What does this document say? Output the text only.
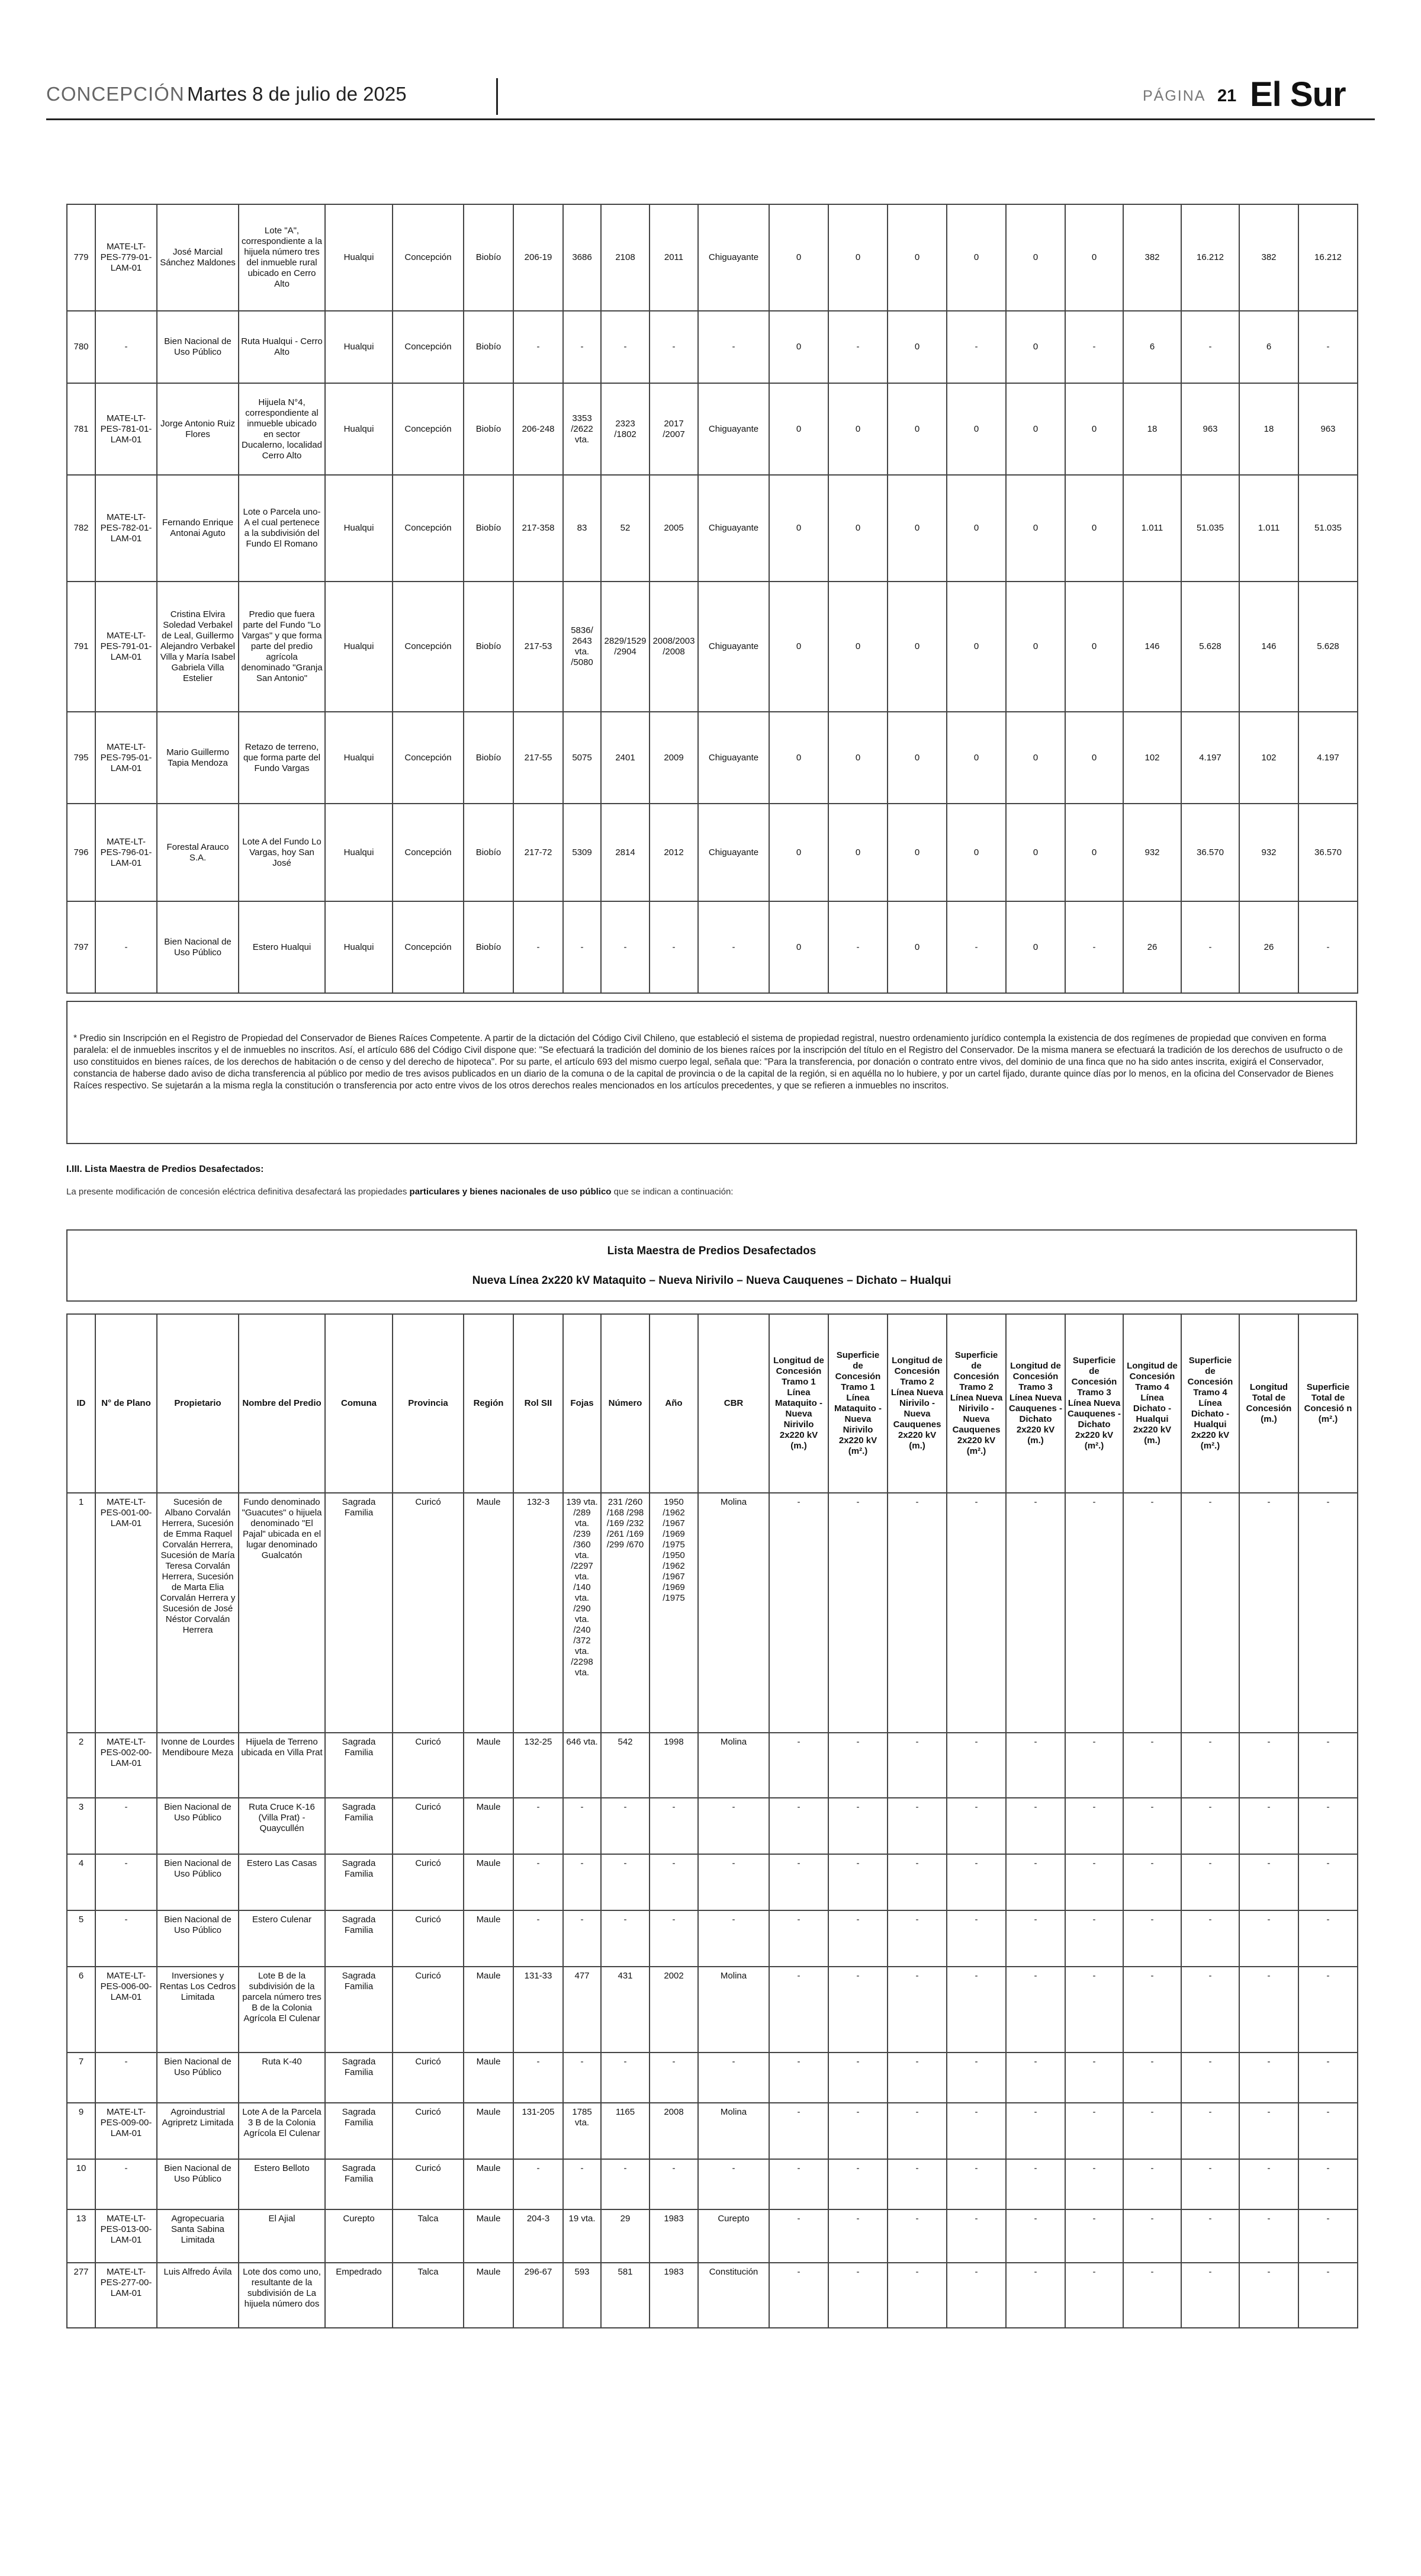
CONCEPCIÓN Martes 8 de julio de 2025	PÁGINA 21 El Sur
779	MATE-LT-PES-779-01-LAM-01	José Marcial Sánchez Maldones	Lote "A", correspondiente a la hijuela número tres del inmueble rural ubicado en Cerro Alto	Hualqui	Concepción	Biobío	206-19	3686	2108	2011	Chiguayante	0	0	0	0	0	0	382	16.212	382	16.212
780	-	Bien Nacional de Uso Público	Ruta Hualqui - Cerro Alto	Hualqui	Concepción	Biobío	-	-	-	-	-	0	-	0	-	0	-	6	-	6	-
781	MATE-LT-PES-781-01-LAM-01	Jorge Antonio Ruiz Flores	Hijuela N°4, correspondiente al inmueble ubicado en sector Ducalerno, localidad Cerro Alto	Hualqui	Concepción	Biobío	206-248	3353 /2622 vta.	2323 /1802	2017 /2007	Chiguayante	0	0	0	0	0	0	18	963	18	963
782	MATE-LT-PES-782-01-LAM-01	Fernando Enrique Antonai Aguto	Lote o Parcela uno-A el cual pertenece a la subdivisión del Fundo El Romano	Hualqui	Concepción	Biobío	217-358	83	52	2005	Chiguayante	0	0	0	0	0	0	1.011	51.035	1.011	51.035
791	MATE-LT-PES-791-01-LAM-01	Cristina Elvira Soledad Verbakel de Leal, Guillermo Alejandro Verbakel Villa y María Isabel Gabriela Villa Estelier	Predio que fuera parte del Fundo "Lo Vargas" y que forma parte del predio agrícola denominado "Granja San Antonio"	Hualqui	Concepción	Biobío	217-53	5836/ 2643 vta. /5080	2829/1529 /2904	2008/2003 /2008	Chiguayante	0	0	0	0	0	0	146	5.628	146	5.628
795	MATE-LT-PES-795-01-LAM-01	Mario Guillermo Tapia Mendoza	Retazo de terreno, que forma parte del Fundo Vargas	Hualqui	Concepción	Biobío	217-55	5075	2401	2009	Chiguayante	0	0	0	0	0	0	102	4.197	102	4.197
796	MATE-LT-PES-796-01-LAM-01	Forestal Arauco S.A.	Lote A del Fundo Lo Vargas, hoy San José	Hualqui	Concepción	Biobío	217-72	5309	2814	2012	Chiguayante	0	0	0	0	0	0	932	36.570	932	36.570
797	-	Bien Nacional de Uso Público	Estero Hualqui	Hualqui	Concepción	Biobío	-	-	-	-	-	0	-	0	-	0	-	26	-	26	-
* Predio sin Inscripción en el Registro de Propiedad del Conservador de Bienes Raíces Competente. A partir de la dictación del Código Civil Chileno, que estableció el sistema de propiedad registral, nuestro ordenamiento jurídico contempla la existencia de dos regímenes de propiedad que conviven en forma paralela: el de inmuebles inscritos y el de inmuebles no inscritos. Así, el artículo 686 del Código Civil dispone que: "Se efectuará la tradición del dominio de los bienes raíces por la inscripción del título en el Registro del Conservador. De la misma manera se efectuará la tradición de los derechos de usufructo o de uso constituidos en bienes raíces, de los derechos de habitación o de censo y del derecho de hipoteca". Por su parte, el artículo 693 del mismo cuerpo legal, señala que: "Para la transferencia, por donación o contrato entre vivos, del dominio de una finca que no ha sido antes inscrita, exigirá el Conservador, constancia de haberse dado aviso de dicha transferencia al público por medio de tres avisos publicados en un diario de la comuna o de la capital de provincia o de la capital de la región, si en aquélla no lo hubiere, y por un cartel fijado, durante quince días por lo menos, en la oficina del Conservador de Bienes Raíces respectivo. Se sujetarán a la misma regla la constitución o transferencia por acto entre vivos de los otros derechos reales mencionados en los artículos precedentes, y que se refieren a inmuebles no inscritos.
I.III. Lista Maestra de Predios Desafectados:
La presente modificación de concesión eléctrica definitiva desafectará las propiedades particulares y bienes nacionales de uso público que se indican a continuación:
Lista Maestra de Predios Desafectados
Nueva Línea 2x220 kV Mataquito – Nueva Nirivilo – Nueva Cauquenes – Dichato – Hualqui
ID	N° de Plano	Propietario	Nombre del Predio	Comuna	Provincia	Región	Rol SII	Fojas	Número	Año	CBR	Longitud de Concesión Tramo 1 Línea Mataquito - Nueva Nirivilo 2x220 kV (m.)	Superficie de Concesión Tramo 1 Línea Mataquito - Nueva Nirivilo 2x220 kV (m².)	Longitud de Concesión Tramo 2 Línea Nueva Nirivilo - Nueva Cauquenes 2x220 kV (m.)	Superficie de Concesión Tramo 2 Línea Nueva Nirivilo - Nueva Cauquenes 2x220 kV (m².)	Longitud de Concesión Tramo 3 Línea Nueva Cauquenes - Dichato 2x220 kV (m.)	Superficie de Concesión Tramo 3 Línea Nueva Cauquenes - Dichato 2x220 kV (m².)	Longitud de Concesión Tramo 4 Línea Dichato - Hualqui 2x220 kV (m.)	Superficie de Concesión Tramo 4 Línea Dichato - Hualqui 2x220 kV (m².)	Longitud Total de Concesión (m.)	Superficie Total de Concesió n (m².)
1	MATE-LT-PES-001-00-LAM-01	Sucesión de Albano Corvalán Herrera, Sucesión de Emma Raquel Corvalán Herrera, Sucesión de María Teresa Corvalán Herrera, Sucesión de Marta Elia Corvalán Herrera y Sucesión de José Néstor Corvalán Herrera	Fundo denominado "Guacutes" o hijuela denominado "El Pajal" ubicada en el lugar denominado Gualcatón	Sagrada Familia	Curicó	Maule	132-3	139 vta. /289 vta. /239 /360 vta. /2297 vta. /140 vta. /290 vta. /240 /372 vta. /2298 vta.	231 /260 /168 /298 /169 /232 /261 /169 /299 /670	1950 /1962 /1967 /1969 /1975 /1950 /1962 /1967 /1969 /1975	Molina	-	-	-	-	-	-	-	-	-	-
2	MATE-LT-PES-002-00-LAM-01	Ivonne de Lourdes Mendiboure Meza	Hijuela de Terreno ubicada en Villa Prat	Sagrada Familia	Curicó	Maule	132-25	646 vta.	542	1998	Molina	-	-	-	-	-	-	-	-	-	-
3	-	Bien Nacional de Uso Público	Ruta Cruce K-16 (Villa Prat) - Quaycullén	Sagrada Familia	Curicó	Maule	-	-	-	-	-	-	-	-	-	-	-	-	-	-	-
4	-	Bien Nacional de Uso Público	Estero Las Casas	Sagrada Familia	Curicó	Maule	-	-	-	-	-	-	-	-	-	-	-	-	-	-	-
5	-	Bien Nacional de Uso Público	Estero Culenar	Sagrada Familia	Curicó	Maule	-	-	-	-	-	-	-	-	-	-	-	-	-	-	-
6	MATE-LT-PES-006-00-LAM-01	Inversiones y Rentas Los Cedros Limitada	Lote B de la subdivisión de la parcela número tres B de la Colonia Agrícola El Culenar	Sagrada Familia	Curicó	Maule	131-33	477	431	2002	Molina	-	-	-	-	-	-	-	-	-	-
7	-	Bien Nacional de Uso Público	Ruta K-40	Sagrada Familia	Curicó	Maule	-	-	-	-	-	-	-	-	-	-	-	-	-	-	-
9	MATE-LT-PES-009-00-LAM-01	Agroindustrial Agripretz Limitada	Lote A de la Parcela 3 B de la Colonia Agrícola El Culenar	Sagrada Familia	Curicó	Maule	131-205	1785 vta.	1165	2008	Molina	-	-	-	-	-	-	-	-	-	-
10	-	Bien Nacional de Uso Público	Estero Belloto	Sagrada Familia	Curicó	Maule	-	-	-	-	-	-	-	-	-	-	-	-	-	-	-
13	MATE-LT-PES-013-00-LAM-01	Agropecuaria Santa Sabina Limitada	El Ajial	Curepto	Talca	Maule	204-3	19 vta.	29	1983	Curepto	-	-	-	-	-	-	-	-	-	-
277	MATE-LT-PES-277-00-LAM-01	Luis Alfredo Ávila	Lote dos como uno, resultante de la subdivisión de La hijuela número dos	Empedrado	Talca	Maule	296-67	593	581	1983	Constitución	-	-	-	-	-	-	-	-	-	-
